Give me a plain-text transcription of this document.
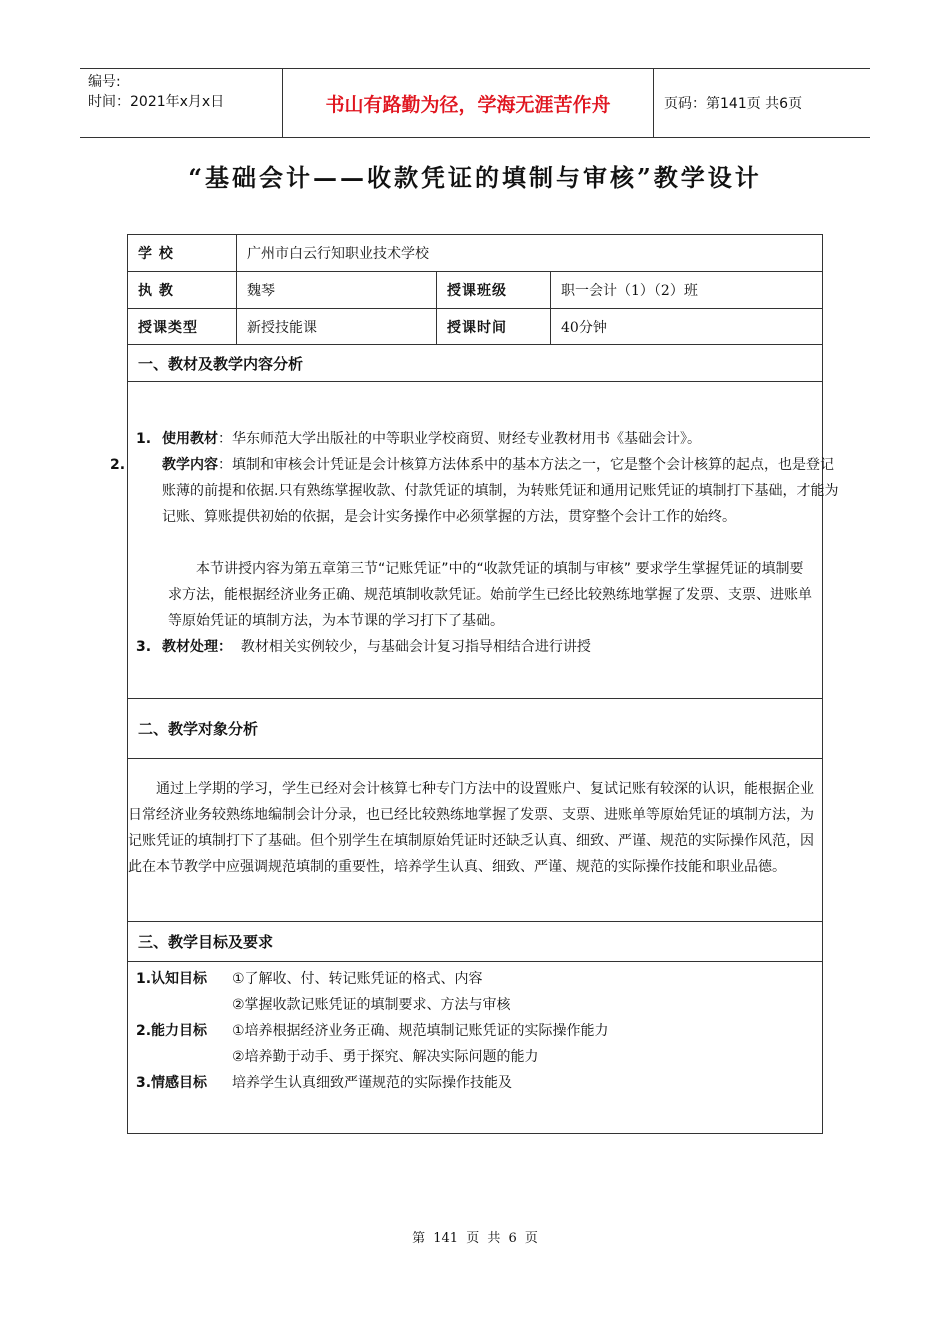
编号:
时间：2021年x月x日	书山有路勤为径，学海无涯苦作舟	页码：第141页 共6页
“基础会计——收款凭证的填制与审核”教学设计
学 校	广州市白云行知职业技术学校
执 教	魏琴	授课班级	职一会计（1）（2）班
授课类型	新授技能课	授课时间	40分钟
一、教材及教学内容分析
1. 使用教材：华东师范大学出版社的中等职业学校商贸、财经专业教材用书《基础会计》。
2.	教学内容：填制和审核会计凭证是会计核算方法体系中的基本方法之一，它是整个会计核算的起点，也是登记账薄的前提和依据.只有熟练掌握收款、付款凭证的填制，为转账凭证和通用记账凭证的填制打下基础，才能为记账、算账提供初始的依据，是会计实务操作中必须掌握的方法，贯穿整个会计工作的始终。
本节讲授内容为第五章第三节“记账凭证”中的“收款凭证的填制与审核” 要求学生掌握凭证的填制要求方法，能根据经济业务正确、规范填制收款凭证。始前学生已经比较熟练地掌握了发票、支票、进账单等原始凭证的填制方法，为本节课的学习打下了基础。
3. 教材处理： 教材相关实例较少，与基础会计复习指导相结合进行讲授
二、教学对象分析
通过上学期的学习，学生已经对会计核算七种专门方法中的设置账户、复试记账有较深的认识，能根据企业日常经济业务较熟练地编制会计分录，也已经比较熟练地掌握了发票、支票、进账单等原始凭证的填制方法，为记账凭证的填制打下了基础。但个别学生在填制原始凭证时还缺乏认真、细致、严谨、规范的实际操作风范，因此在本节教学中应强调规范填制的重要性，培养学生认真、细致、严谨、规范的实际操作技能和职业品德。
三、教学目标及要求
1.认知目标 ①了解收、付、转记账凭证的格式、内容
②掌握收款记账凭证的填制要求、方法与审核
2.能力目标 ①培养根据经济业务正确、规范填制记账凭证的实际操作能力
②培养勤于动手、勇于探究、解决实际问题的能力
3.情感目标 培养学生认真细致严谨规范的实际操作技能及
第 141 页 共 6 页
